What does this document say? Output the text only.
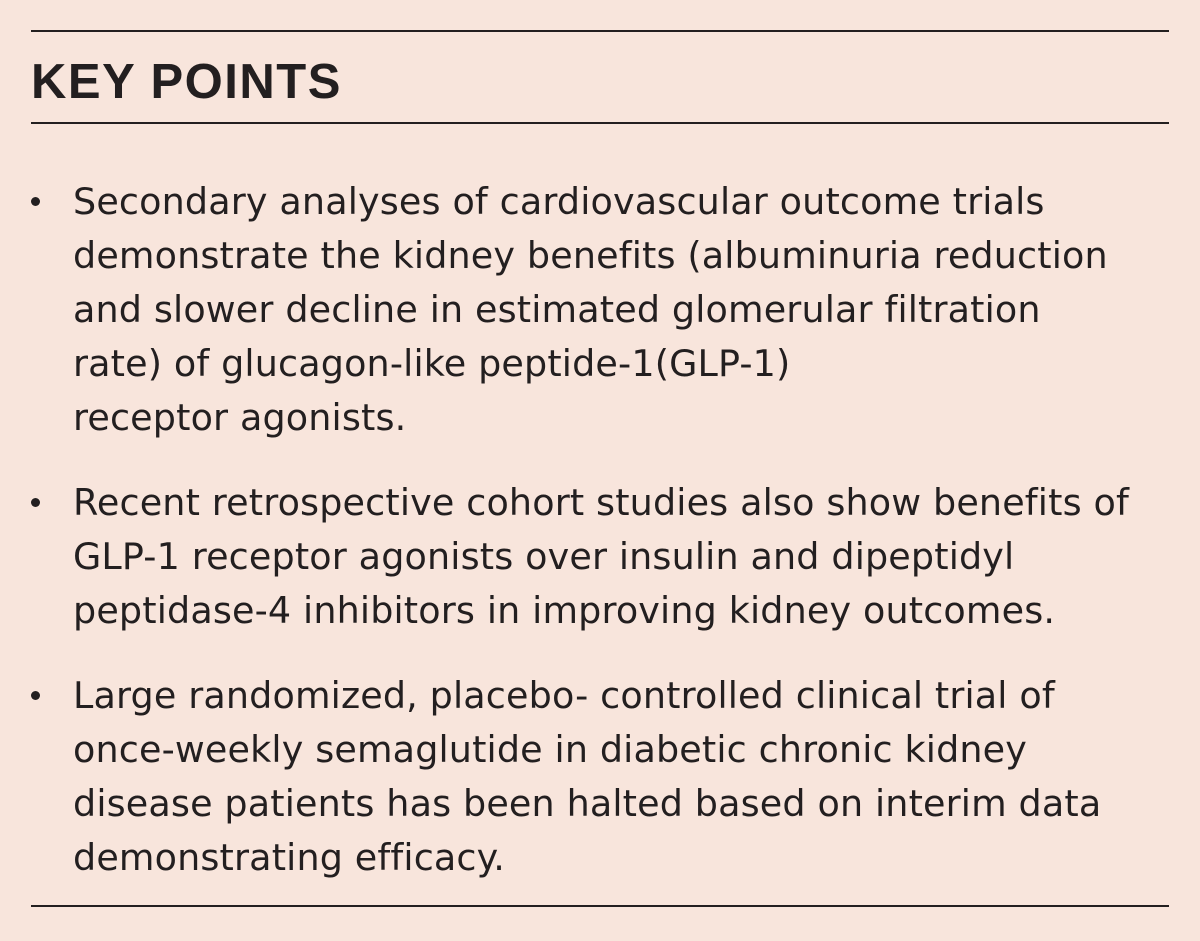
KEY POINTS
Secondary analyses of cardiovascular outcome trials
demonstrate the kidney benefits (albuminuria reduction
and slower decline in estimated glomerular filtration
rate) of glucagon-like peptide-1(GLP-1)
receptor agonists.
Recent retrospective cohort studies also show benefits of
GLP-1 receptor agonists over insulin and dipeptidyl
peptidase-4 inhibitors in improving kidney outcomes.
Large randomized, placebo- controlled clinical trial of
once-weekly semaglutide in diabetic chronic kidney
disease patients has been halted based on interim data
demonstrating efficacy.
